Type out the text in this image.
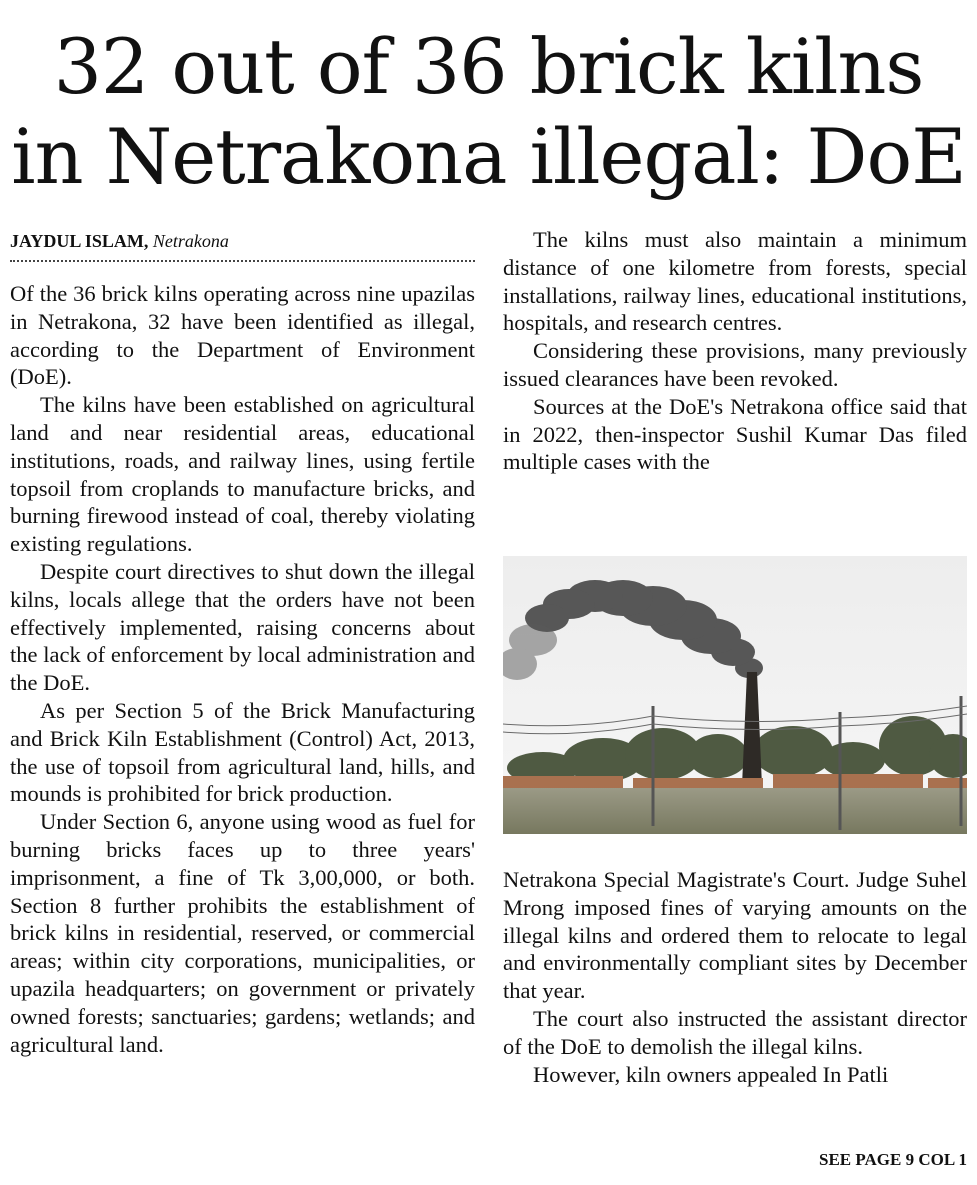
32 out of 36 brick kilns
in Netrakona illegal: DoE
JAYDUL ISLAM, Netrakona

Of the 36 brick kilns operating across nine upazilas in Netrakona, 32 have been identified as illegal, according to the Department of Environment (DoE).

The kilns have been established on agricultural land and near residential areas, educational institutions, roads, and railway lines, using fertile topsoil from croplands to manufacture bricks, and burning firewood instead of coal, thereby violating existing regulations.

Despite court directives to shut down the illegal kilns, locals allege that the orders have not been effectively implemented, raising concerns about the lack of enforcement by local administration and the DoE.

As per Section 5 of the Brick Manufacturing and Brick Kiln Establishment (Control) Act, 2013, the use of topsoil from agricultural land, hills, and mounds is prohibited for brick production.

Under Section 6, anyone using wood as fuel for burning bricks faces up to three years' imprisonment, a fine of Tk 3,00,000, or both. Section 8 further prohibits the establishment of brick kilns in residential, reserved, or commercial areas; within city corporations, municipalities, or upazila headquarters; on government or privately owned forests; sanctuaries; gardens; wetlands; and agricultural land.

The kilns must also maintain a minimum distance of one kilometre from forests, special installations, railway lines, educational institutions, hospitals, and research centres.

Considering these provisions, many previously issued clearances have been revoked.

Sources at the DoE's Netrakona office said that in 2022, then-inspector Sushil Kumar Das filed multiple cases with the

Netrakona Special Magistrate's Court. Judge Suhel Mrong imposed fines of varying amounts on the illegal kilns and ordered them to relocate to legal and environmentally compliant sites by December that year.

The court also instructed the assistant director of the DoE to demolish the illegal kilns.

However, kiln owners appealed In Patli

SEE PAGE 9 COL 1
